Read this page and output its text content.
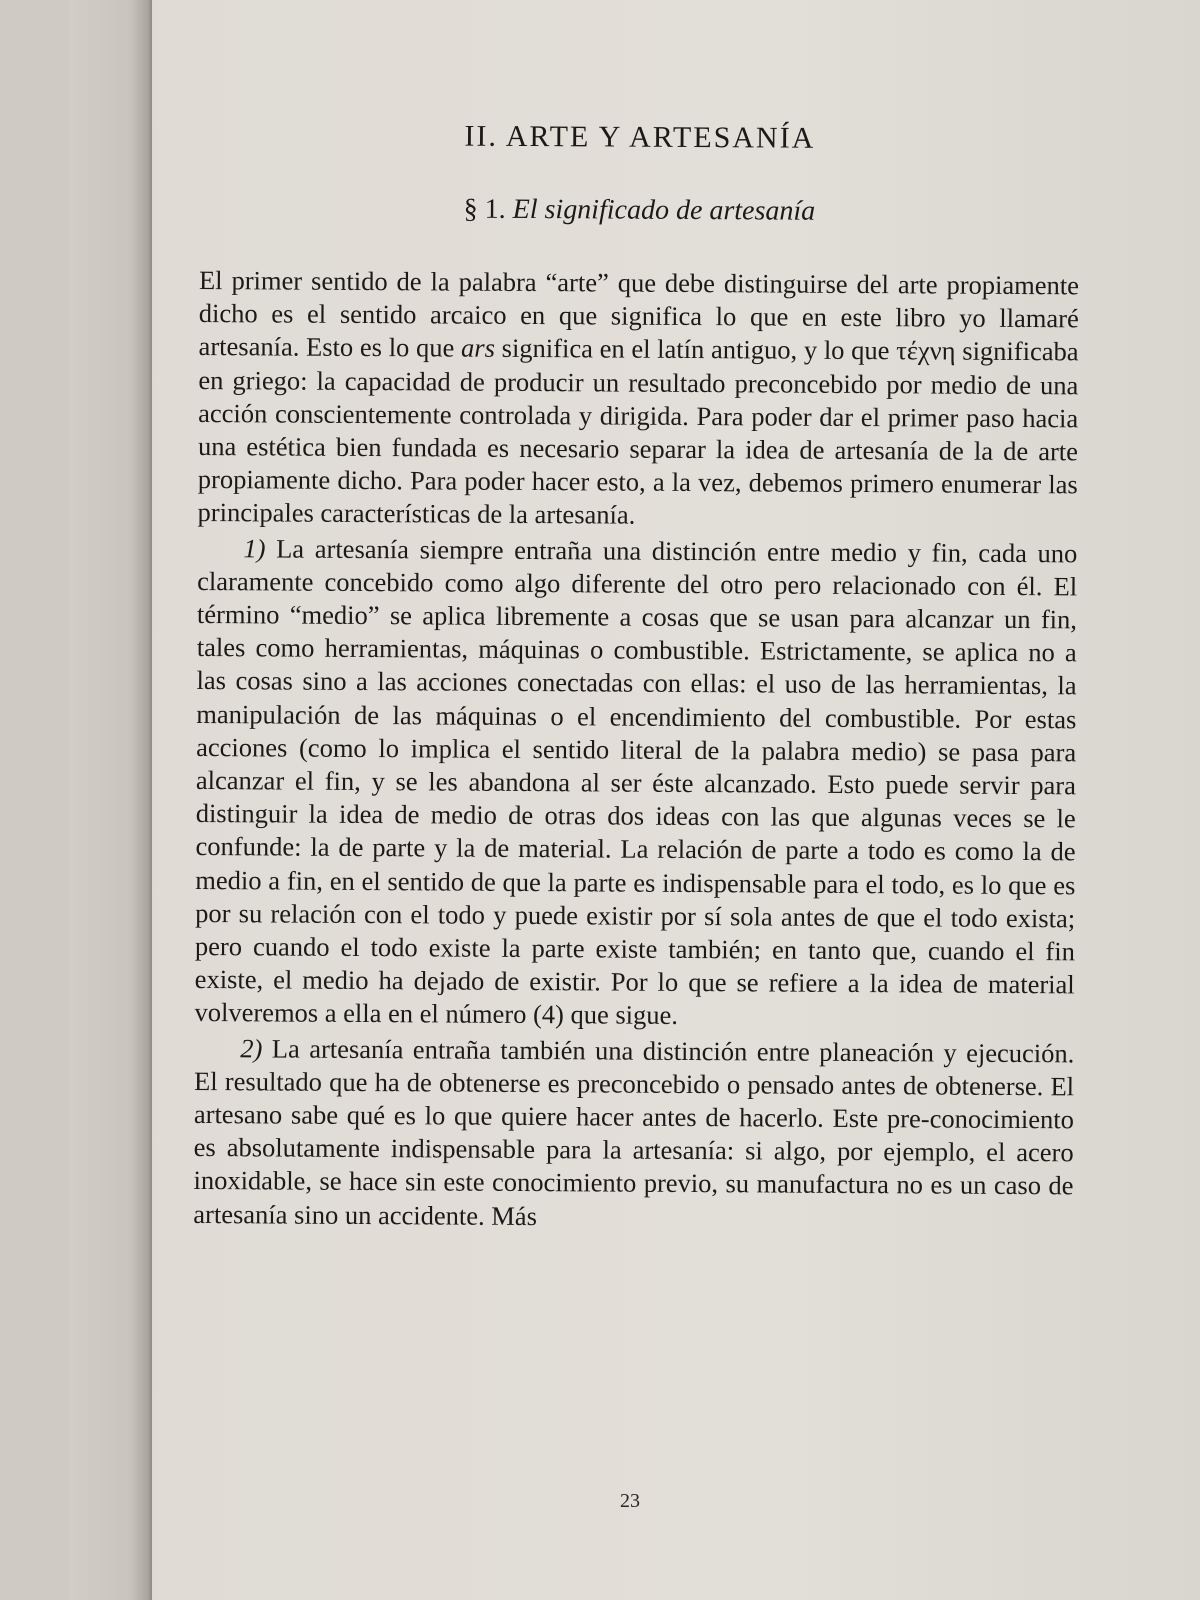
II. ARTE Y ARTESANÍA
§ 1. El significado de artesanía

El primer sentido de la palabra “arte” que debe distinguirse del arte propiamente dicho es el sentido arcaico en que significa lo que en este libro yo llamaré artesanía. Esto es lo que ars significa en el latín antiguo, y lo que τέχνη significaba en griego: la capacidad de producir un resultado preconcebido por medio de una acción conscientemente controlada y dirigida. Para poder dar el primer paso hacia una estética bien fundada es necesario separar la idea de artesanía de la de arte propiamente dicho. Para poder hacer esto, a la vez, debemos primero enumerar las principales características de la artesanía.

1) La artesanía siempre entraña una distinción entre medio y fin, cada uno claramente concebido como algo diferente del otro pero relacionado con él. El término “medio” se aplica libremente a cosas que se usan para alcanzar un fin, tales como herramientas, máquinas o combustible. Estrictamente, se aplica no a las cosas sino a las acciones conectadas con ellas: el uso de las herramientas, la manipulación de las máquinas o el encendimiento del combustible. Por estas acciones (como lo implica el sentido literal de la palabra medio) se pasa para alcanzar el fin, y se les abandona al ser éste alcanzado. Esto puede servir para distinguir la idea de medio de otras dos ideas con las que algunas veces se le confunde: la de parte y la de material. La relación de parte a todo es como la de medio a fin, en el sentido de que la parte es indispensable para el todo, es lo que es por su relación con el todo y puede existir por sí sola antes de que el todo exista; pero cuando el todo existe la parte existe también; en tanto que, cuando el fin existe, el medio ha dejado de existir. Por lo que se refiere a la idea de material volveremos a ella en el número (4) que sigue.

2) La artesanía entraña también una distinción entre planeación y ejecución. El resultado que ha de obtenerse es preconcebido o pensado antes de obtenerse. El artesano sabe qué es lo que quiere hacer antes de hacerlo. Este pre-conocimiento es absolutamente indispensable para la artesanía: si algo, por ejemplo, el acero inoxidable, se hace sin este conocimiento previo, su manufactura no es un caso de artesanía sino un accidente. Más

23
